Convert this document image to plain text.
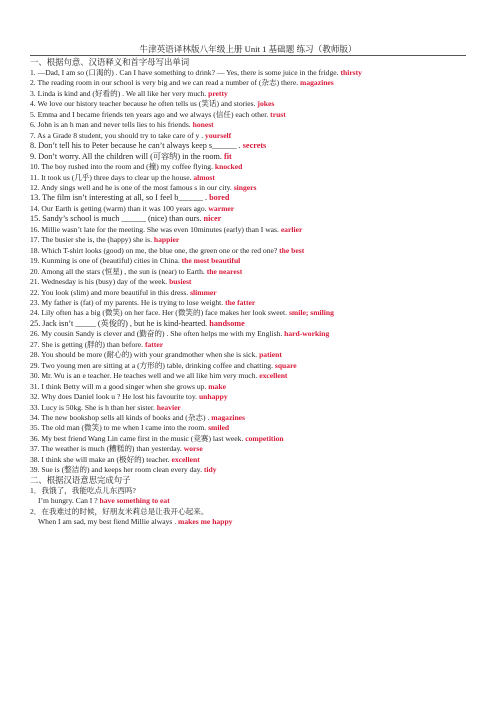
牛津英语译林版八年级上册 Unit 1 基础题 练习（教师版）
一、根据句意、汉语释义和首字母写出单词
1. —Dad, I am so (口渴的) . Can I have something to drink? — Yes, there is some juice in the fridge. thirsty
2. The reading room in our school is very big and we can read a number of (杂志) there. magazines
3. Linda is kind and (好看的) . We all like her very much. pretty
4. We love our history teacher because he often tells us (笑话) and stories. jokes
5. Emma and I became friends ten years ago and we always (信任) each other. trust
6. John is an h man and never tells lies to his friends. honest
7. As a Grade 8 student, you should try to take care of y . yourself
8. Don’t tell his to Peter because he can’t always keep s______ . secrets
9. Don’t worry. All the children will (可容纳) in the room. fit
10. The boy rushed into the room and (撞) my coffee flying. knocked
11. It took us (几乎) three days to clear up the house. almost
12. Andy sings well and he is one of the most famous s in our city. singers
13. The film isn’t interesting at all, so I feel b______ . bored
14. Our Earth is getting (warm) than it was 100 years ago. warmer
15. Sandy’s school is much ______ (nice) than ours. nicer
16. Millie wasn’t late for the meeting. She was even 10minutes (early) than I was. earlier
17. The busier she is, the (happy) she is. happier
18. Which T-shirt looks (good) on me, the blue one, the green one or the red one? the best
19. Kunming is one of (beautiful) cities in China. the most beautiful
20. Among all the stars (恒星) , the sun is (near) to Earth. the nearest
21. Wednesday is his (busy) day of the week. busiest
22. You look (slim) and more beautiful in this dress. slimmer
23. My father is (fat) of my parents. He is trying to lose weight. the fatter
24. Lily often has a big (微笑) on her face. Her (微笑的) face makes her look sweet. smile; smiling
25. Jack isn’t _____ (英俊的) , but he is kind-hearted. handsome
26. My cousin Sandy is clever and (勤奋的) . She often helps me with my English. hard-working
27. She is getting (胖的) than before. fatter
28. You should be more (耐心的) with your grandmother when she is sick. patient
29. Two young men are sitting at a (方形的) table, drinking coffee and chatting. square
30. Mr. Wu is an e teacher. He teaches well and we all like him very much. excellent
31. I think Betty will m a good singer when she grows up. make
32. Why does Daniel look u ? He lost his favourite toy. unhappy
33. Lucy is 50kg. She is h than her sister. heavier
34. The new bookshop sells all kinds of books and (杂志) . magazines
35. The old man (微笑) to me when I came into the room. smiled
36. My best friend Wang Lin came first in the music (竞赛) last week. competition
37. The weather is much (糟糕的) than yesterday. worse
38. I think she will make an (极好的) teacher. excellent
39. Sue is (整洁的) and keeps her room clean every day. tidy
二、根据汉语意思完成句子
1．我饿了，我能吃点儿东西吗?
I’m hungry. Can I ? have something to eat
2．在我难过的时候，好朋友米莉总是让我开心起来。
When I am sad, my best fiend Millie always . makes me happy
